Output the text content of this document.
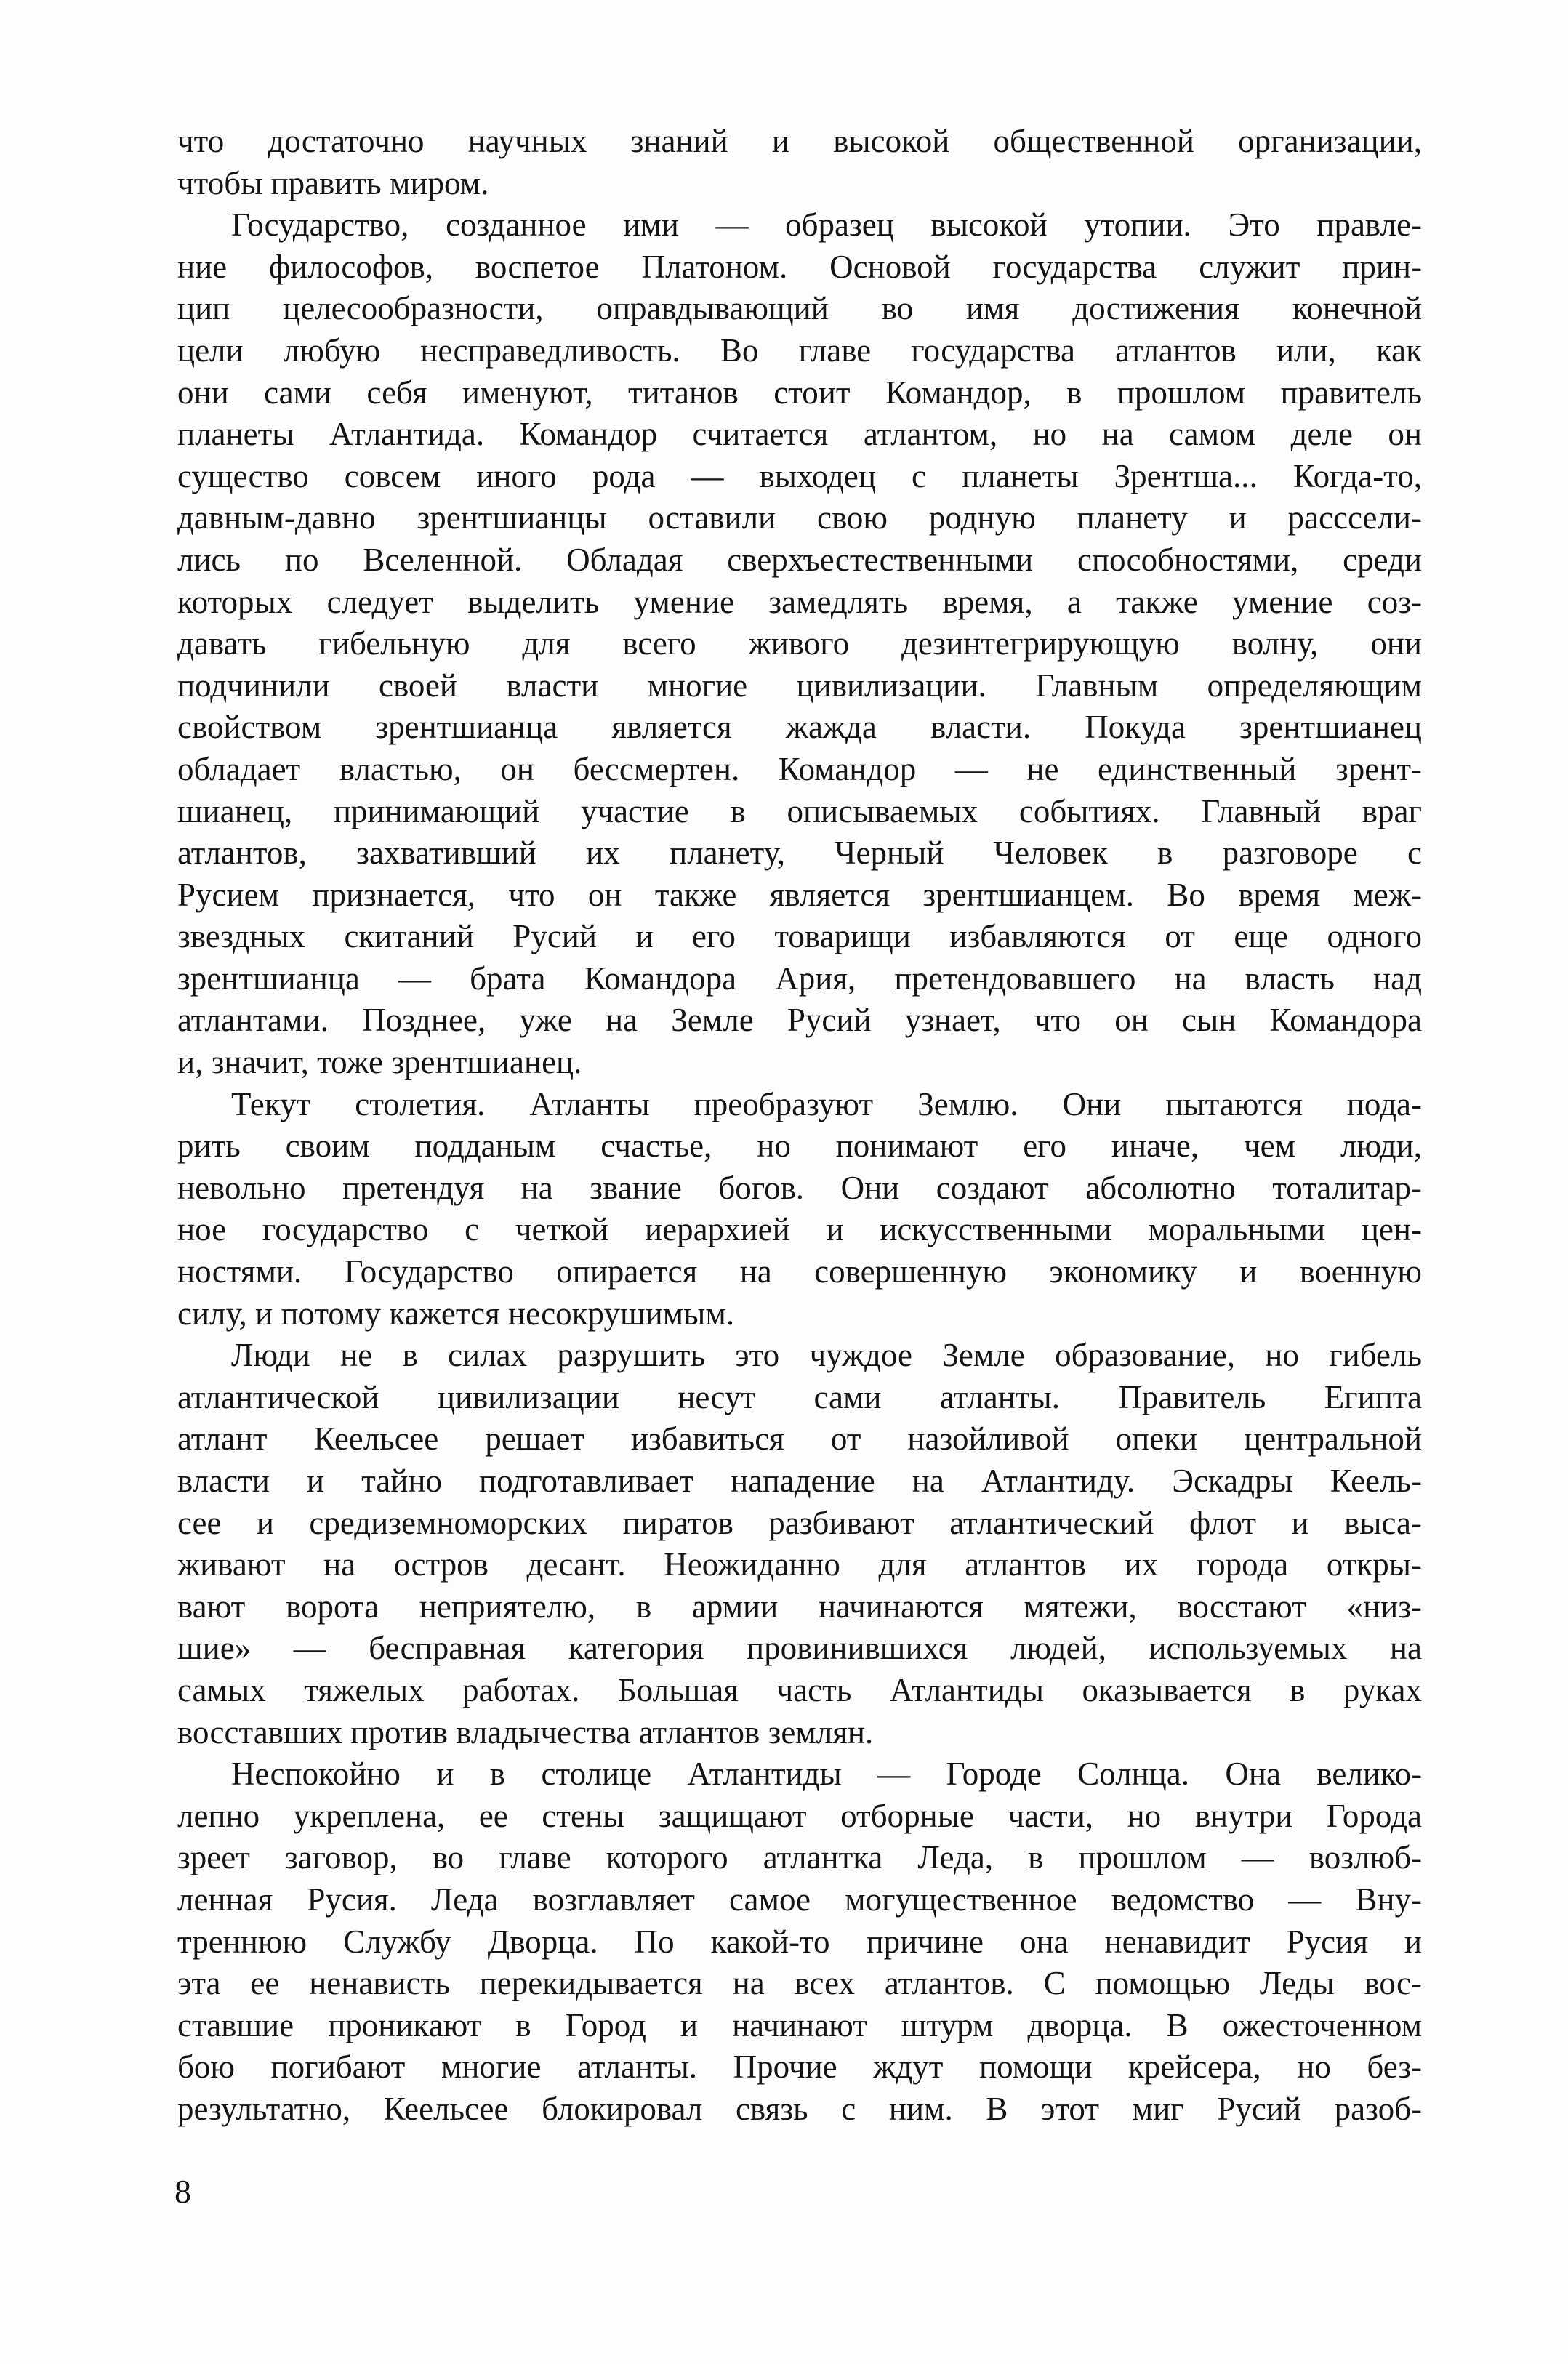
что достаточно научных знаний и высокой общественной организации,
чтобы править миром.
Государство, созданное ими — образец высокой утопии. Это правле-
ние философов, воспетое Платоном. Основой государства служит прин-
цип целесообразности, оправдывающий во имя достижения конечной
цели любую несправедливость. Во главе государства атлантов или, как
они сами себя именуют, титанов стоит Командор, в прошлом правитель
планеты Атлантида. Командор считается атлантом, но на самом деле он
существо совсем иного рода — выходец с планеты Зрентша... Когда-то,
давным-давно зрентшианцы оставили свою родную планету и расссели-
лись по Вселенной. Обладая сверхъестественными способностями, среди
которых следует выделить умение замедлять время, а также умение соз-
давать гибельную для всего живого дезинтегрирующую волну, они
подчинили своей власти многие цивилизации. Главным определяющим
свойством зрентшианца является жажда власти. Покуда зрентшианец
обладает властью, он бессмертен. Командор — не единственный зрент-
шианец, принимающий участие в описываемых событиях. Главный враг
атлантов, захвативший их планету, Черный Человек в разговоре с
Русием признается, что он также является зрентшианцем. Во время меж-
звездных скитаний Русий и его товарищи избавляются от еще одного
зрентшианца — брата Командора Ария, претендовавшего на власть над
атлантами. Позднее, уже на Земле Русий узнает, что он сын Командора
и, значит, тоже зрентшианец.
Текут столетия. Атланты преобразуют Землю. Они пытаются пода-
рить своим подданым счастье, но понимают его иначе, чем люди,
невольно претендуя на звание богов. Они создают абсолютно тоталитар-
ное государство с четкой иерархией и искусственными моральными цен-
ностями. Государство опирается на совершенную экономику и военную
силу, и потому кажется несокрушимым.
Люди не в силах разрушить это чуждое Земле образование, но гибель
атлантической цивилизации несут сами атланты. Правитель Египта
атлант Кеельсее решает избавиться от назойливой опеки центральной
власти и тайно подготавливает нападение на Атлантиду. Эскадры Кеель-
сее и средиземноморских пиратов разбивают атлантический флот и выса-
живают на остров десант. Неожиданно для атлантов их города откры-
вают ворота неприятелю, в армии начинаются мятежи, восстают «низ-
шие» — бесправная категория провинившихся людей, используемых на
самых тяжелых работах. Большая часть Атлантиды оказывается в руках
восставших против владычества атлантов землян.
Неспокойно и в столице Атлантиды — Городе Солнца. Она велико-
лепно укреплена, ее стены защищают отборные части, но внутри Города
зреет заговор, во главе которого атлантка Леда, в прошлом — возлюб-
ленная Русия. Леда возглавляет самое могущественное ведомство — Вну-
треннюю Службу Дворца. По какой-то причине она ненавидит Русия и
эта ее ненависть перекидывается на всех атлантов. С помощью Леды вос-
ставшие проникают в Город и начинают штурм дворца. В ожесточенном
бою погибают многие атланты. Прочие ждут помощи крейсера, но без-
результатно, Кеельсее блокировал связь с ним. В этот миг Русий разоб-
8
